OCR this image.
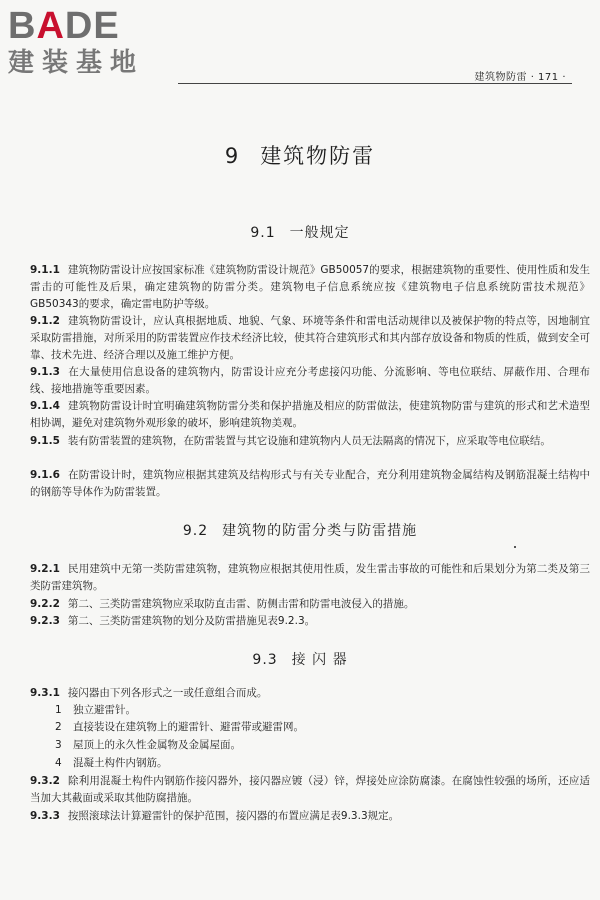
BADE
建装基地	建筑物防雷 · 171 ·
9 建筑物防雷
9.1 一般规定
9.1.1 建筑物防雷设计应按国家标准《建筑物防雷设计规范》GB50057的要求，根据建筑物的重要性、使用性质和发生雷击的可能性及后果，确定建筑物的防雷分类。建筑物电子信息系统应按《建筑物电子信息系统防雷技术规范》GB50343的要求，确定雷电防护等级。
9.1.2 建筑物防雷设计，应认真根据地质、地貌、气象、环境等条件和雷电活动规律以及被保护物的特点等，因地制宜采取防雷措施，对所采用的防雷装置应作技术经济比较，使其符合建筑形式和其内部存放设备和物质的性质，做到安全可靠、技术先进、经济合理以及施工维护方便。
9.1.3 在大量使用信息设备的建筑物内，防雷设计应充分考虑接闪功能、分流影响、等电位联结、屏蔽作用、合理布线、接地措施等重要因素。
9.1.4 建筑物防雷设计时宜明确建筑物防雷分类和保护措施及相应的防雷做法，使建筑物防雷与建筑的形式和艺术造型相协调，避免对建筑物外观形象的破坏，影响建筑物美观。
9.1.5 装有防雷装置的建筑物，在防雷装置与其它设施和建筑物内人员无法隔离的情况下，应采取等电位联结。
9.1.6 在防雷设计时，建筑物应根据其建筑及结构形式与有关专业配合，充分利用建筑物金属结构及钢筋混凝土结构中的钢筋等导体作为防雷装置。
9.2 建筑物的防雷分类与防雷措施
9.2.1 民用建筑中无第一类防雷建筑物，建筑物应根据其使用性质，发生雷击事故的可能性和后果划分为第二类及第三类防雷建筑物。
9.2.2 第二、三类防雷建筑物应采取防直击雷、防侧击雷和防雷电波侵入的措施。
9.2.3 第二、三类防雷建筑物的划分及防雷措施见表9.2.3。
9.3 接 闪 器
9.3.1 接闪器由下列各形式之一或任意组合而成。
1 独立避雷针。
2 直接装设在建筑物上的避雷针、避雷带或避雷网。
3 屋顶上的永久性金属物及金属屋面。
4 混凝土构件内钢筋。
9.3.2 除利用混凝土构件内钢筋作接闪器外，接闪器应镀（浸）锌，焊接处应涂防腐漆。在腐蚀性较强的场所，还应适当加大其截面或采取其他防腐措施。
9.3.3 按照滚球法计算避雷针的保护范围，接闪器的布置应满足表9.3.3规定。
